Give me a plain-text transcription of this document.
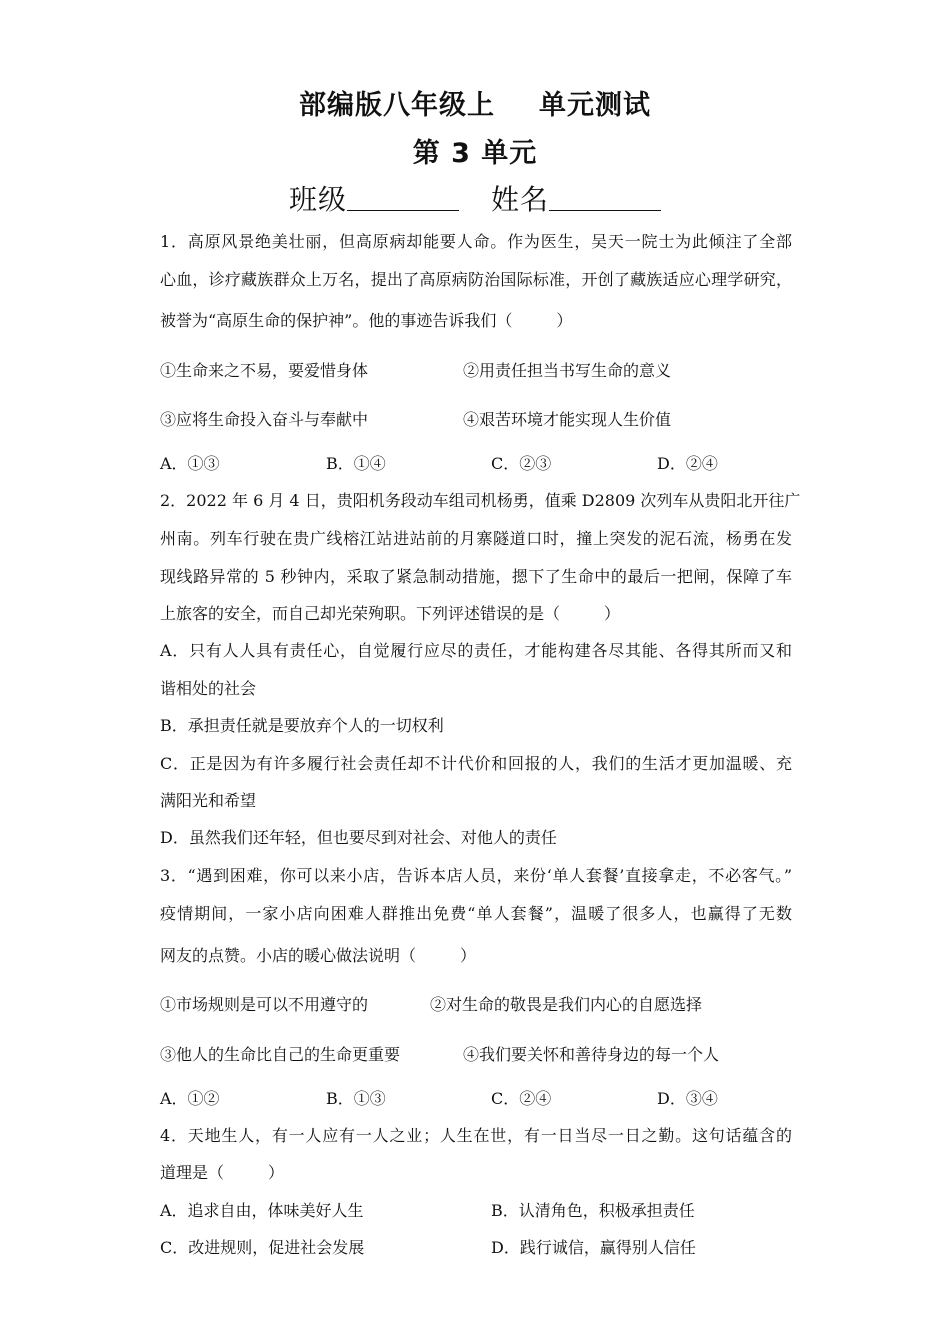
部编版八年级上 单元测试
第 3 单元
班级	姓名
1．高原风景绝美壮丽，但高原病却能要人命。作为医生，吴天一院士为此倾注了全部
心血，诊疗藏族群众上万名，提出了高原病防治国际标准，开创了藏族适应心理学研究，
被誉为“高原生命的保护神”。他的事迹告诉我们（	）
①生命来之不易，要爱惜身体	②用责任担当书写生命的意义
③应将生命投入奋斗与奉献中	④艰苦环境才能实现人生价值
A．①③	B．①④	C．②③	D．②④
2．2022 年 6 月 4 日，贵阳机务段动车组司机杨勇，值乘 D2809 次列车从贵阳北开往广
州南。列车行驶在贵广线榕江站进站前的月寨隧道口时，撞上突发的泥石流，杨勇在发
现线路异常的 5 秒钟内，采取了紧急制动措施，摁下了生命中的最后一把闸，保障了车
上旅客的安全，而自己却光荣殉职。下列评述错误的是（	）
A．只有人人具有责任心，自觉履行应尽的责任，才能构建各尽其能、各得其所而又和
谐相处的社会
B．承担责任就是要放弃个人的一切权利
C．正是因为有许多履行社会责任却不计代价和回报的人，我们的生活才更加温暖、充
满阳光和希望
D．虽然我们还年轻，但也要尽到对社会、对他人的责任
3．“遇到困难，你可以来小店，告诉本店人员，来份‘单人套餐’直接拿走，不必客气。”
疫情期间，一家小店向困难人群推出免费“单人套餐”，温暖了很多人，也赢得了无数
网友的点赞。小店的暖心做法说明（	）
①市场规则是可以不用遵守的	②对生命的敬畏是我们内心的自愿选择
③他人的生命比自己的生命更重要	④我们要关怀和善待身边的每一个人
A．①②	B．①③	C．②④	D．③④
4．天地生人，有一人应有一人之业；人生在世，有一日当尽一日之勤。这句话蕴含的
道理是（	）
A．追求自由，体味美好人生	B．认清角色，积极承担责任
C．改进规则，促进社会发展	D．践行诚信，赢得别人信任
